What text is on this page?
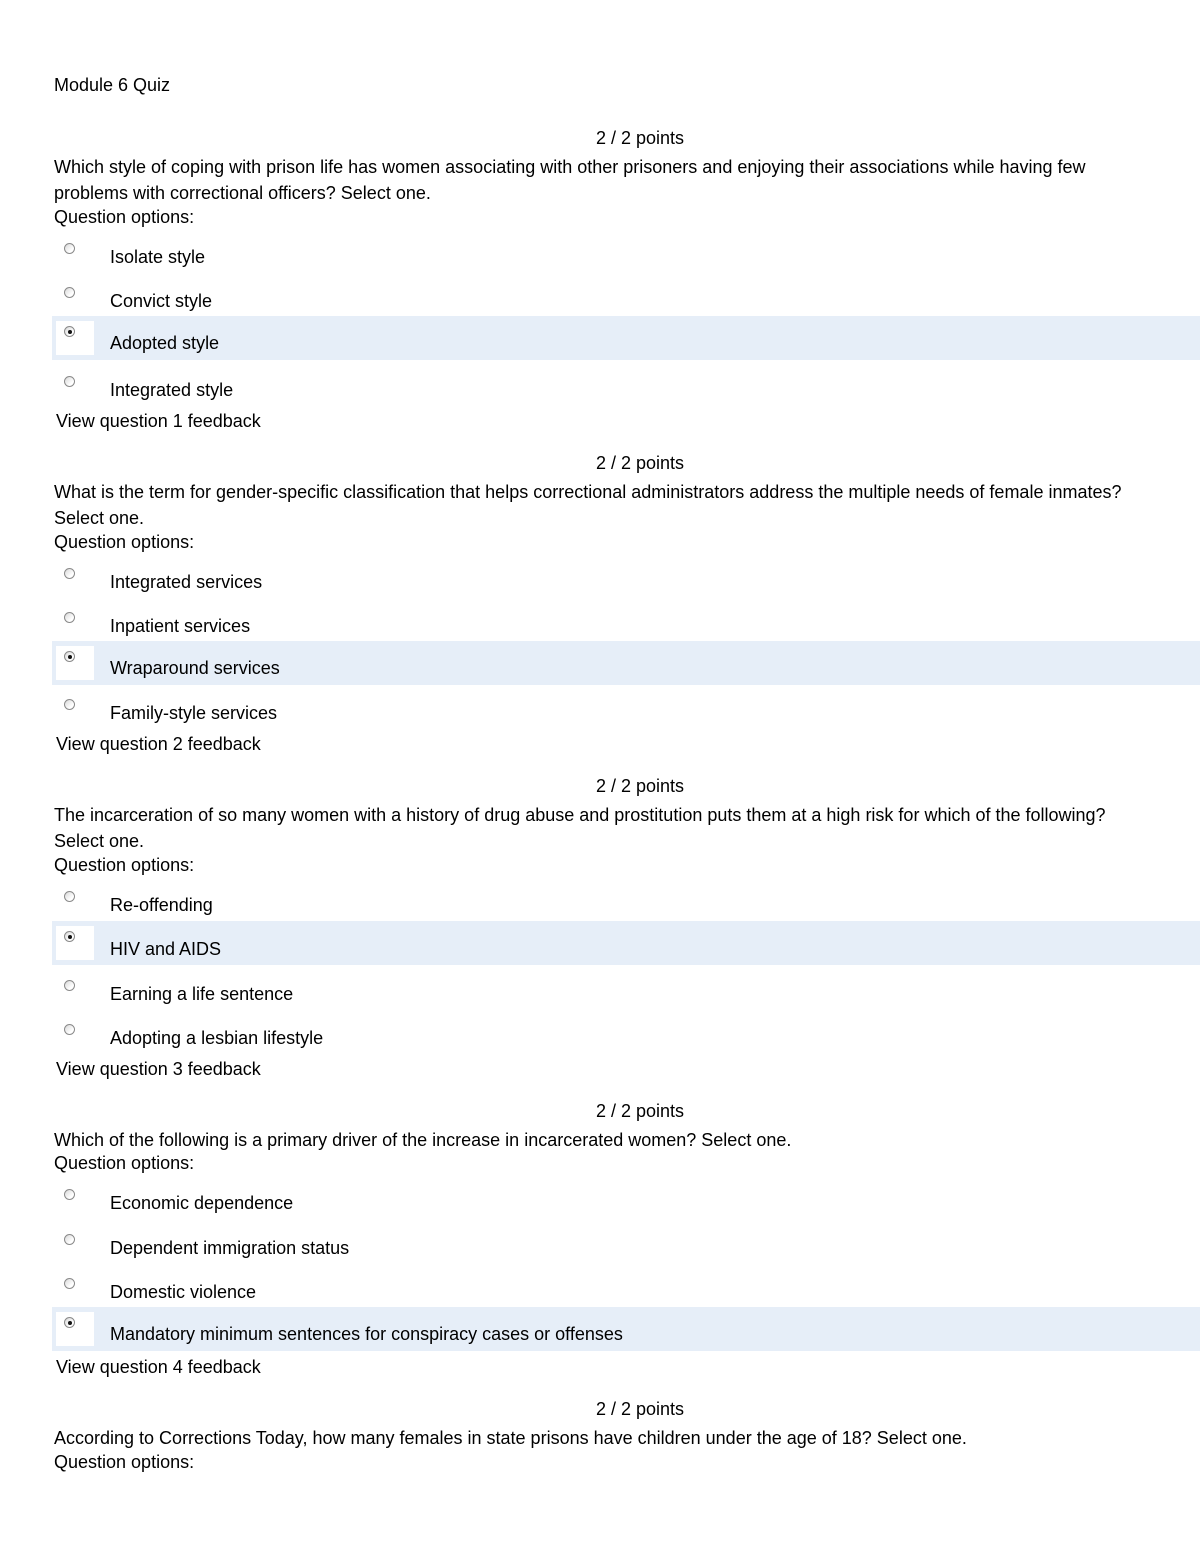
Module 6 Quiz
2 / 2 points
Which style of coping with prison life has women associating with other prisoners and enjoying their associations while having few problems with correctional officers? Select one.
Question options:
Isolate style
Convict style
Adopted style
Integrated style
View question 1 feedback
2 / 2 points
What is the term for gender-specific classification that helps correctional administrators address the multiple needs of female inmates? Select one.
Question options:
Integrated services
Inpatient services
Wraparound services
Family-style services
View question 2 feedback
2 / 2 points
The incarceration of so many women with a history of drug abuse and prostitution puts them at a high risk for which of the following? Select one.
Question options:
Re-offending
HIV and AIDS
Earning a life sentence
Adopting a lesbian lifestyle
View question 3 feedback
2 / 2 points
Which of the following is a primary driver of the increase in incarcerated women? Select one.
Question options:
Economic dependence
Dependent immigration status
Domestic violence
Mandatory minimum sentences for conspiracy cases or offenses
View question 4 feedback
2 / 2 points
According to Corrections Today, how many females in state prisons have children under the age of 18? Select one.
Question options:
